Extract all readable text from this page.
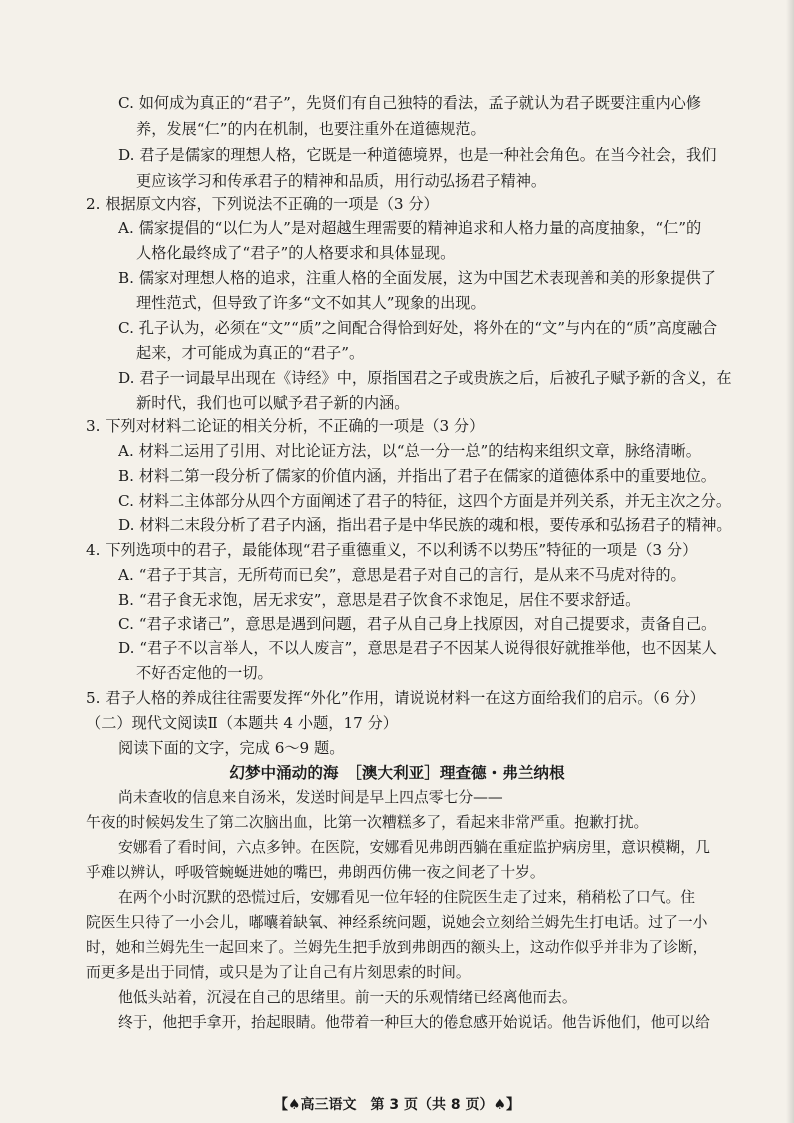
C. 如何成为真正的“君子”，先贤们有自己独特的看法，孟子就认为君子既要注重内心修
养，发展“仁”的内在机制，也要注重外在道德规范。
D. 君子是儒家的理想人格，它既是一种道德境界，也是一种社会角色。在当今社会，我们
更应该学习和传承君子的精神和品质，用行动弘扬君子精神。
2. 根据原文内容，下列说法不正确的一项是（3 分）
A. 儒家提倡的“以仁为人”是对超越生理需要的精神追求和人格力量的高度抽象，“仁”的
人格化最终成了“君子”的人格要求和具体显现。
B. 儒家对理想人格的追求，注重人格的全面发展，这为中国艺术表现善和美的形象提供了
理性范式，但导致了许多“文不如其人”现象的出现。
C. 孔子认为，必须在“文”“质”之间配合得恰到好处，将外在的“文”与内在的“质”高度融合
起来，才可能成为真正的“君子”。
D. 君子一词最早出现在《诗经》中，原指国君之子或贵族之后，后被孔子赋予新的含义，在
新时代，我们也可以赋予君子新的内涵。
3. 下列对材料二论证的相关分析，不正确的一项是（3 分）
A. 材料二运用了引用、对比论证方法，以“总一分一总”的结构来组织文章，脉络清晰。
B. 材料二第一段分析了儒家的价值内涵，并指出了君子在儒家的道德体系中的重要地位。
C. 材料二主体部分从四个方面阐述了君子的特征，这四个方面是并列关系，并无主次之分。
D. 材料二末段分析了君子内涵，指出君子是中华民族的魂和根，要传承和弘扬君子的精神。
4. 下列选项中的君子，最能体现“君子重德重义，不以利诱不以势压”特征的一项是（3 分）
A. “君子于其言，无所苟而已矣”，意思是君子对自己的言行，是从来不马虎对待的。
B. “君子食无求饱，居无求安”，意思是君子饮食不求饱足，居住不要求舒适。
C. “君子求诸己”，意思是遇到问题，君子从自己身上找原因，对自己提要求，责备自己。
D. “君子不以言举人，不以人废言”，意思是君子不因某人说得很好就推举他，也不因某人
不好否定他的一切。
5. 君子人格的养成往往需要发挥“外化”作用，请说说材料一在这方面给我们的启示。（6 分）
（二）现代文阅读Ⅱ（本题共 4 小题，17 分）
阅读下面的文字，完成 6～9 题。
幻梦中涌动的海　［澳大利亚］理查德・弗兰纳根
尚未查收的信息来自汤米，发送时间是早上四点零七分——
午夜的时候妈发生了第二次脑出血，比第一次糟糕多了，看起来非常严重。抱歉打扰。
安娜看了看时间，六点多钟。在医院，安娜看见弗朗西躺在重症监护病房里，意识模糊，几
乎难以辨认，呼吸管蜿蜒进她的嘴巴，弗朗西仿佛一夜之间老了十岁。
在两个小时沉默的恐慌过后，安娜看见一位年轻的住院医生走了过来，稍稍松了口气。住
院医生只待了一小会儿，嘟囔着缺氧、神经系统问题，说她会立刻给兰姆先生打电话。过了一小
时，她和兰姆先生一起回来了。兰姆先生把手放到弗朗西的额头上，这动作似乎并非为了诊断，
而更多是出于同情，或只是为了让自己有片刻思索的时间。
他低头站着，沉浸在自己的思绪里。前一天的乐观情绪已经离他而去。
终于，他把手拿开，抬起眼睛。他带着一种巨大的倦怠感开始说话。他告诉他们，他可以给
【♠高三语文　第 3 页（共 8 页）♠】
